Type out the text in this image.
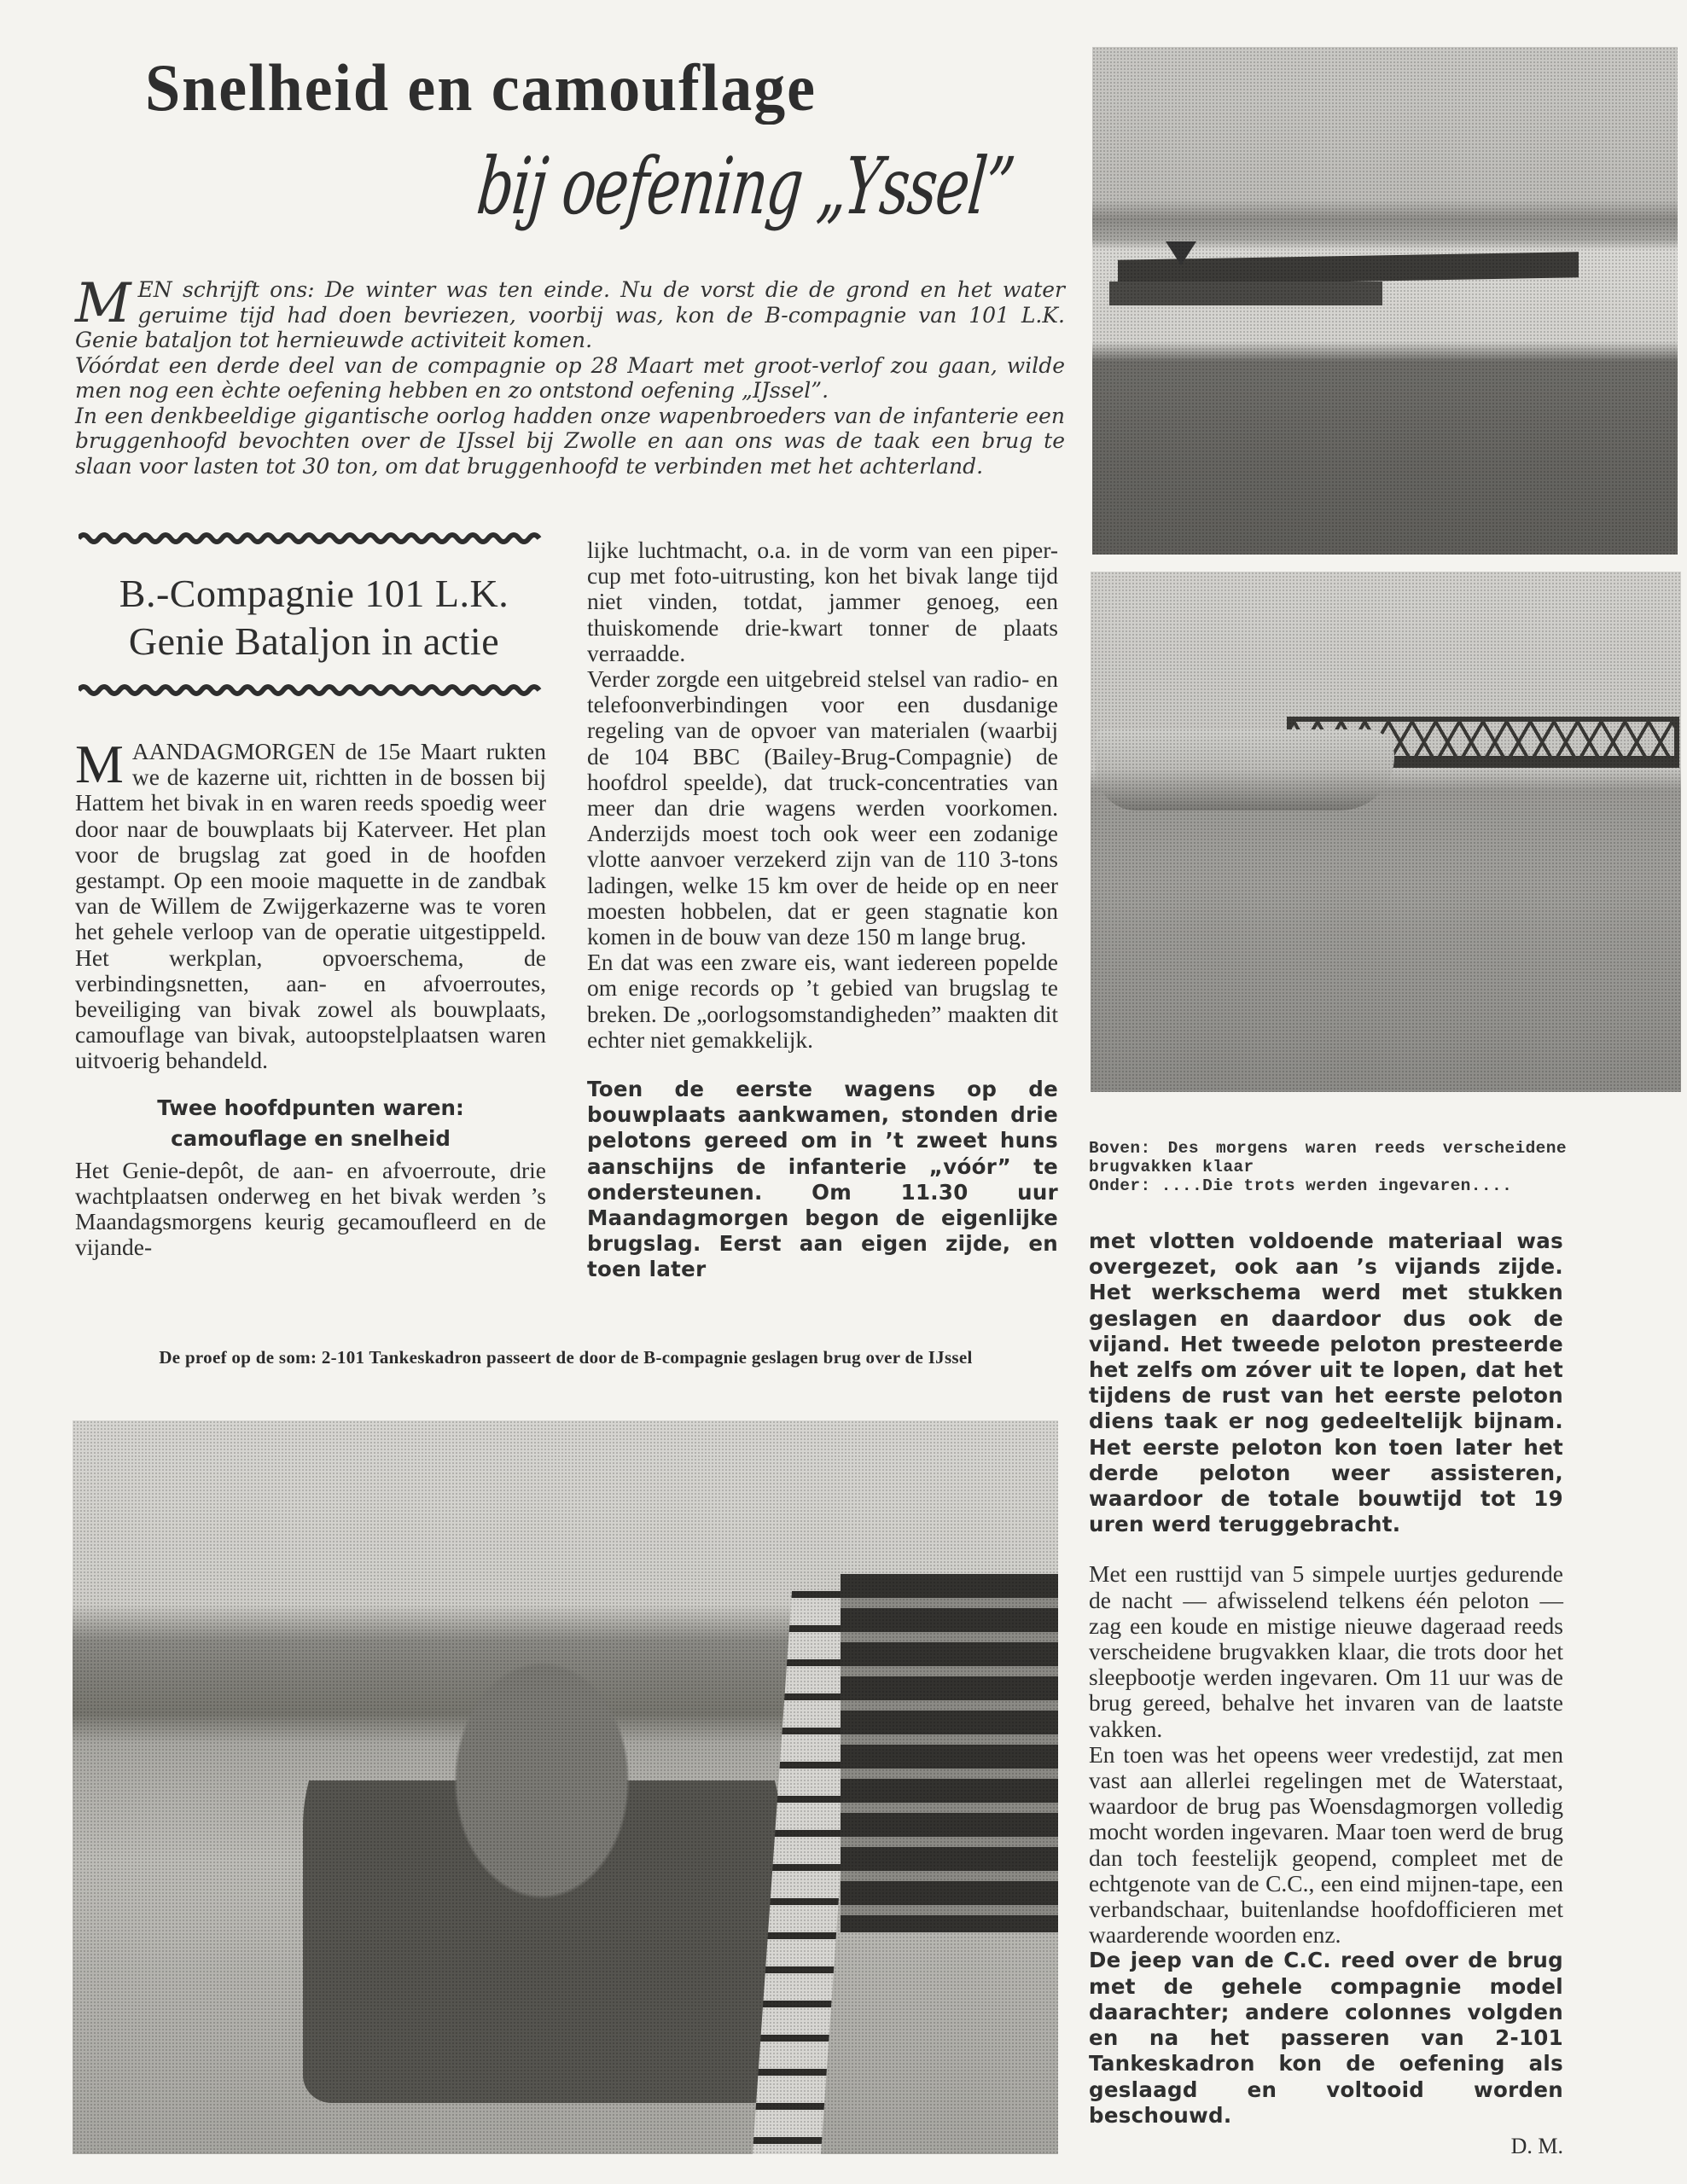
Snelheid en camouflage
bij oefening „Yssel”

MEN schrijft ons: De winter was ten einde. Nu de vorst die de grond en het water geruime tijd had doen bevriezen, voorbij was, kon de B-compagnie van 101 L.K. Genie bataljon tot hernieuwde activiteit komen.

Vóórdat een derde deel van de compagnie op 28 Maart met groot-verlof zou gaan, wilde men nog een èchte oefening hebben en zo ontstond oefening „IJssel”.

In een denkbeeldige gigantische oorlog hadden onze wapenbroeders van de infanterie een bruggenhoofd bevochten over de IJssel bij Zwolle en aan ons was de taak een brug te slaan voor lasten tot 30 ton, om dat bruggenhoofd te verbinden met het achterland.

B.-Compagnie 101 L.K.
Genie Bataljon in actie

MAANDAGMORGEN de 15e Maart rukten we de kazerne uit, richtten in de bossen bij Hattem het bivak in en waren reeds spoedig weer door naar de bouwplaats bij Katerveer. Het plan voor de brugslag zat goed in de hoofden gestampt. Op een mooie maquette in de zandbak van de Willem de Zwijgerkazerne was te voren het gehele verloop van de operatie uitgestippeld. Het werkplan, opvoerschema, de verbindingsnetten, aan- en afvoerroutes, beveiliging van bivak zowel als bouwplaats, camouflage van bivak, autoopstelplaatsen waren uitvoerig behandeld.

Twee hoofdpunten waren:
camouflage en snelheid

Het Genie-depôt, de aan- en afvoerroute, drie wachtplaatsen onderweg en het bivak werden ’s Maandagsmorgens keurig gecamoufleerd en de vijande-

lijke luchtmacht, o.a. in de vorm van een piper-cup met foto-uitrusting, kon het bivak lange tijd niet vinden, totdat, jammer genoeg, een thuiskomende drie-kwart tonner de plaats verraadde.

Verder zorgde een uitgebreid stelsel van radio- en telefoonverbindingen voor een dusdanige regeling van de opvoer van materialen (waarbij de 104 BBC (Bailey-Brug-Compagnie) de hoofdrol speelde), dat truck-concentraties van meer dan drie wagens werden voorkomen. Anderzijds moest toch ook weer een zodanige vlotte aanvoer verzekerd zijn van de 110 3-tons ladingen, welke 15 km over de heide op en neer moesten hobbelen, dat er geen stagnatie kon komen in de bouw van deze 150 m lange brug.

En dat was een zware eis, want iedereen popelde om enige records op ’t gebied van brugslag te breken. De „oorlogsomstandigheden” maakten dit echter niet gemakkelijk.

Toen de eerste wagens op de bouwplaats aankwamen, stonden drie pelotons gereed om in ’t zweet huns aanschijns de infanterie „vóór” te ondersteunen. Om 11.30 uur Maandagmorgen begon de eigenlijke brugslag. Eerst aan eigen zijde, en toen later

Boven: Des morgens waren reeds verscheidene brugvakken klaar
Onder: ....Die trots werden ingevaren....

met vlotten voldoende materiaal was overgezet, ook aan ’s vijands zijde. Het werkschema werd met stukken geslagen en daardoor dus ook de vijand. Het tweede peloton presteerde het zelfs om zóver uit te lopen, dat het tijdens de rust van het eerste peloton diens taak er nog gedeeltelijk bijnam. Het eerste peloton kon toen later het derde peloton weer assisteren, waardoor de totale bouwtijd tot 19 uren werd teruggebracht.

Met een rusttijd van 5 simpele uurtjes gedurende de nacht — afwisselend telkens één peloton — zag een koude en mistige nieuwe dageraad reeds verscheidene brugvakken klaar, die trots door het sleepbootje werden ingevaren. Om 11 uur was de brug gereed, behalve het invaren van de laatste vakken.

En toen was het opeens weer vredestijd, zat men vast aan allerlei regelingen met de Waterstaat, waardoor de brug pas Woensdagmorgen volledig mocht worden ingevaren. Maar toen werd de brug dan toch feestelijk geopend, compleet met de echtgenote van de C.C., een eind mijnen-tape, een verbandschaar, buitenlandse hoofdofficieren met waarderende woorden enz.

De jeep van de C.C. reed over de brug met de gehele compagnie model daarachter; andere colonnes volgden en na het passeren van 2-101 Tankeskadron kon de oefening als geslaagd en voltooid worden beschouwd.

D. M.
De proef op de som: 2-101 Tankeskadron passeert de door de B-compagnie geslagen brug over de IJssel
